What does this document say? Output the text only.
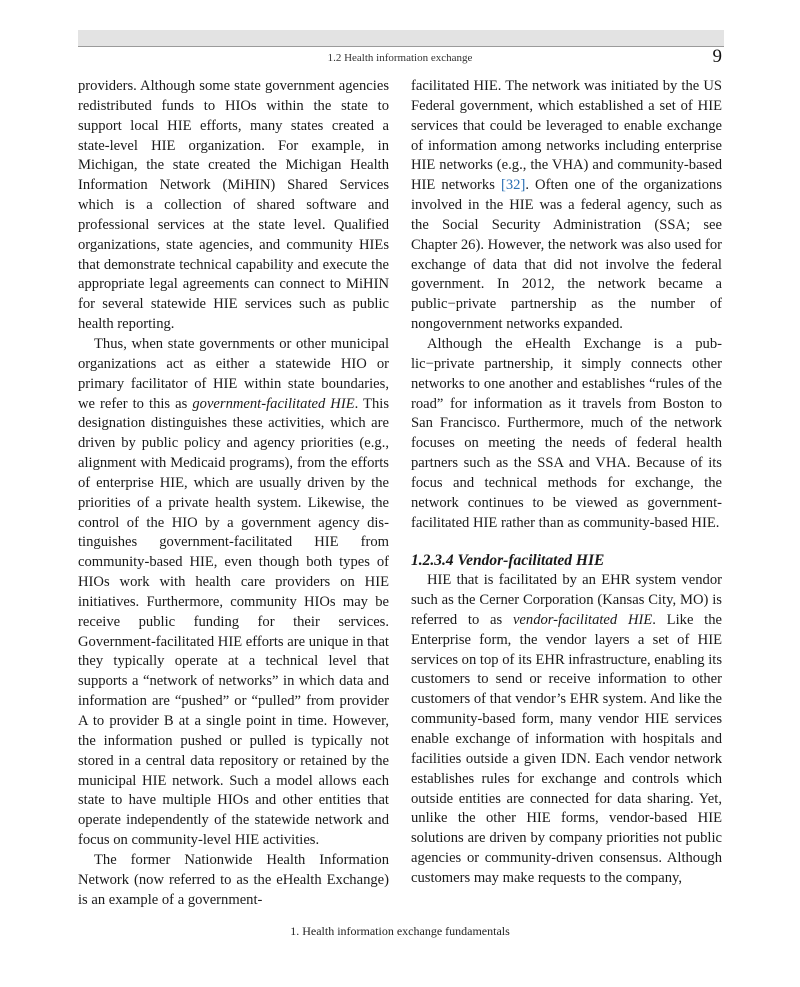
1.2 Health information exchange	9

providers. Although some state government agencies redistributed funds to HIOs within the state to support local HIE efforts, many states created a state-level HIE organization. For example, in Michigan, the state created the Michigan Health Information Network (MiHIN) Shared Services which is a collection of shared software and professional services at the state level. Qualified organizations, state agencies, and community HIEs that demonstrate technical capability and execute the appropriate legal agreements can connect to MiHIN for several statewide HIE services such as public health reporting.

Thus, when state governments or other municipal organizations act as either a statewide HIO or primary facilitator of HIE within state boundaries, we refer to this as government-facilitated HIE. This designation distinguishes these activities, which are driven by public policy and agency priorities (e.g., alignment with Medicaid programs), from the efforts of enterprise HIE, which are usually driven by the priorities of a private health system. Likewise, the control of the HIO by a government agency distinguishes government-facilitated HIE from community-based HIE, even though both types of HIOs work with health care providers on HIE initiatives. Furthermore, community HIOs may be receive public funding for their services. Government-facilitated HIE efforts are unique in that they typically operate at a technical level that supports a “network of networks” in which data and information are “pushed” or “pulled” from provider A to provider B at a single point in time. However, the information pushed or pulled is typically not stored in a central data repository or retained by the municipal HIE network. Such a model allows each state to have multiple HIOs and other entities that operate independently of the statewide network and focus on community-level HIE activities.

The former Nationwide Health Information Network (now referred to as the eHealth Exchange) is an example of a government-

facilitated HIE. The network was initiated by the US Federal government, which established a set of HIE services that could be leveraged to enable exchange of information among networks including enterprise HIE networks (e.g., the VHA) and community-based HIE networks [32]. Often one of the organizations involved in the HIE was a federal agency, such as the Social Security Administration (SSA; see Chapter 26). However, the network was also used for exchange of data that did not involve the federal government. In 2012, the network became a public−private partnership as the number of nongovernment networks expanded.

Although the eHealth Exchange is a public−private partnership, it simply connects other networks to one another and establishes “rules of the road” for information as it travels from Boston to San Francisco. Furthermore, much of the network focuses on meeting the needs of federal health partners such as the SSA and VHA. Because of its focus and technical methods for exchange, the network continues to be viewed as government-facilitated HIE rather than as community-based HIE.

1.2.3.4 Vendor-facilitated HIE

HIE that is facilitated by an EHR system vendor such as the Cerner Corporation (Kansas City, MO) is referred to as vendor-facilitated HIE. Like the Enterprise form, the vendor layers a set of HIE services on top of its EHR infrastructure, enabling its customers to send or receive information to other customers of that vendor’s EHR system. And like the community-based form, many vendor HIE services enable exchange of information with hospitals and facilities outside a given IDN. Each vendor network establishes rules for exchange and controls which outside entities are connected for data sharing. Yet, unlike the other HIE forms, vendor-based HIE solutions are driven by company priorities not public agencies or community-driven consensus. Although customers may make requests to the company,

1. Health information exchange fundamentals
